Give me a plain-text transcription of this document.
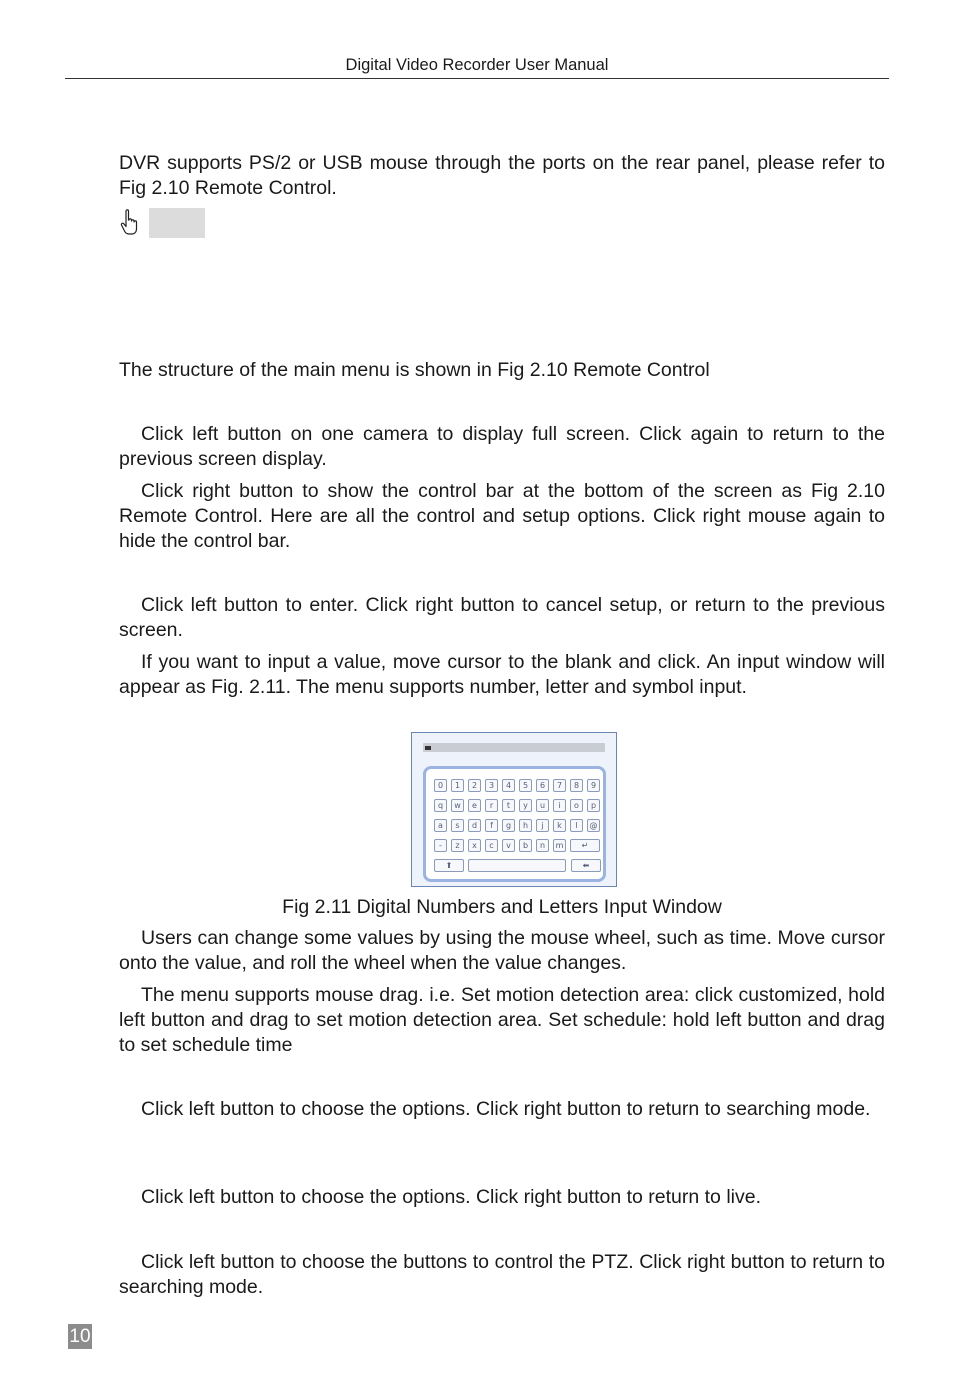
Digital Video Recorder User Manual

DVR supports PS/2 or USB mouse through the ports on the rear panel, please refer to Fig 2.10 Remote Control.

The structure of the main menu is shown in Fig 2.10 Remote Control

Click left button on one camera to display full screen. Click again to return to the previous screen display.

Click right button to show the control bar at the bottom of the screen as Fig 2.10 Remote Control. Here are all the control and setup options. Click right mouse again to hide the control bar.

Click left button to enter. Click right button to cancel setup, or return to the previous screen.

If you want to input a value, move cursor to the blank and click. An input window will appear as Fig. 2.11. The menu supports number, letter and symbol input.

0	1	2	3	4	5	6	7	8	9
q	w	e	r	t	y	u	i	o	p
a	s	d	f	g	h	j	k	l	@
-	z	x	c	v	b	n	m	↵
⬆	⬅
Fig 2.11 Digital Numbers and Letters Input Window

Users can change some values by using the mouse wheel, such as time. Move cursor onto the value, and roll the wheel when the value changes.

The menu supports mouse drag. i.e. Set motion detection area: click customized, hold left button and drag to set motion detection area. Set schedule: hold left button and drag to set schedule time

Click left button to choose the options. Click right button to return to searching mode.

Click left button to choose the options. Click right button to return to live.

Click left button to choose the buttons to control the PTZ. Click right button to return to searching mode.

10
